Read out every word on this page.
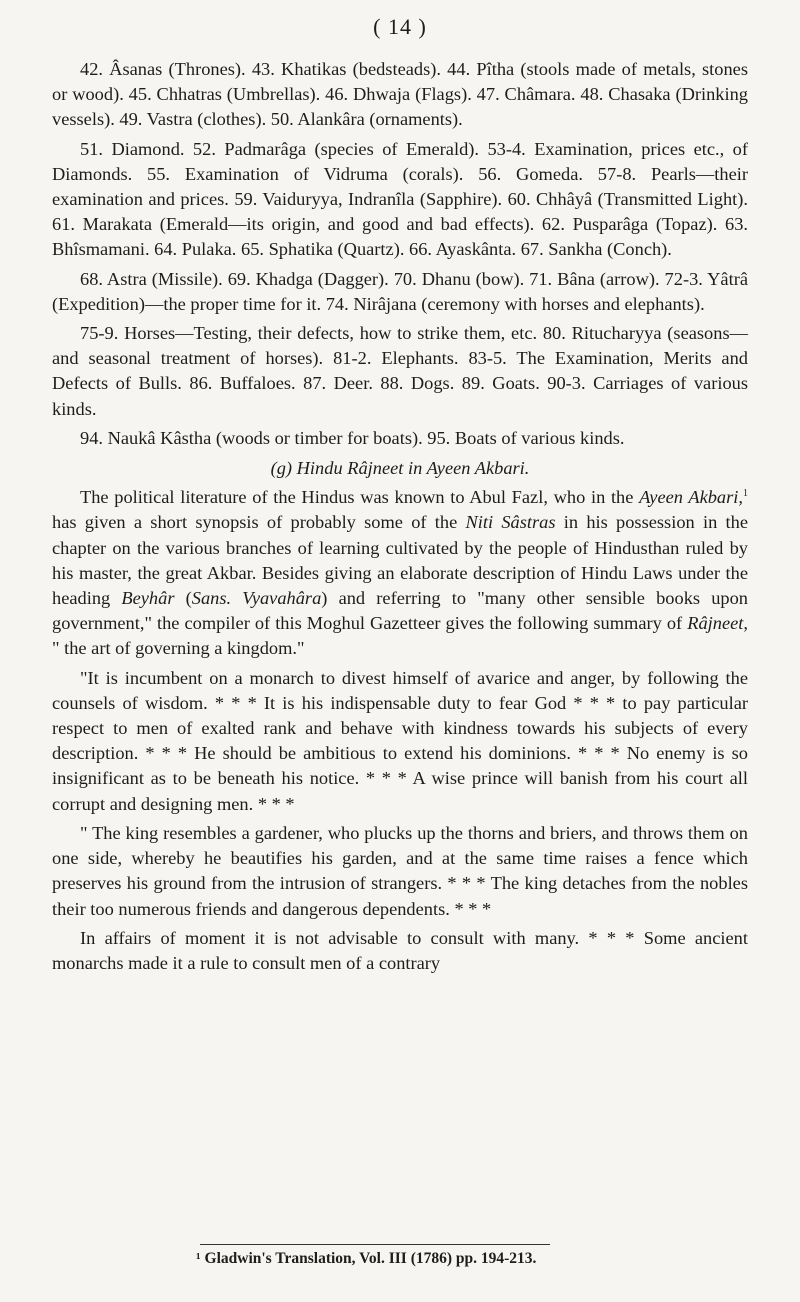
( 14 )

42. Âsanas (Thrones). 43. Khatikas (bedsteads). 44. Pîtha (stools made of metals, stones or wood). 45. Chhatras (Umbrellas). 46. Dhwaja (Flags). 47. Châmara. 48. Chasaka (Drinking vessels). 49. Vastra (clothes). 50. Alankâra (ornaments).

51. Diamond. 52. Padmarâga (species of Emerald). 53-4. Examination, prices etc., of Diamonds. 55. Examination of Vidruma (corals). 56. Gomeda. 57-8. Pearls—their examination and prices. 59. Vaiduryya, Indranîla (Sapphire). 60. Chhâyâ (Transmitted Light). 61. Marakata (Emerald—its origin, and good and bad effects). 62. Pusparâga (Topaz). 63. Bhîsmamani. 64. Pulaka. 65. Sphatika (Quartz). 66. Ayaskânta. 67. Sankha (Conch).

68. Astra (Missile). 69. Khadga (Dagger). 70. Dhanu (bow). 71. Bâna (arrow). 72-3. Yâtrâ (Expedition)—the proper time for it. 74. Nirâjana (ceremony with horses and elephants).

75-9. Horses—Testing, their defects, how to strike them, etc. 80. Ritucharyya (seasons—and seasonal treatment of horses). 81-2. Elephants. 83-5. The Examination, Merits and Defects of Bulls. 86. Buffaloes. 87. Deer. 88. Dogs. 89. Goats. 90-3. Carriages of various kinds.

94. Naukâ Kâstha (woods or timber for boats). 95. Boats of various kinds.

(g) Hindu Râjneet in Ayeen Akbari.

The political literature of the Hindus was known to Abul Fazl, who in the Ayeen Akbari,$^1$ has given a short synopsis of probably some of the Niti Sâstras in his possession in the chapter on the various branches of learning cultivated by the people of Hindusthan ruled by his master, the great Akbar. Besides giving an elaborate description of Hindu Laws under the heading Beyhâr (Sans. Vyavahâra) and referring to "many other sensible books upon government," the compiler of this Moghul Gazetteer gives the following summary of Râjneet, " the art of governing a kingdom."

"It is incumbent on a monarch to divest himself of avarice and anger, by following the counsels of wisdom. * * * It is his indispensable duty to fear God * * * to pay particular respect to men of exalted rank and behave with kindness towards his subjects of every description. * * * He should be ambitious to extend his dominions. * * * No enemy is so insignificant as to be beneath his notice. * * * A wise prince will banish from his court all corrupt and designing men. * * *

" The king resembles a gardener, who plucks up the thorns and briers, and throws them on one side, whereby he beautifies his garden, and at the same time raises a fence which preserves his ground from the intrusion of strangers. * * * The king detaches from the nobles their too numerous friends and dangerous dependents. * * *

In affairs of moment it is not advisable to consult with many. * * * Some ancient monarchs made it a rule to consult men of a contrary

¹ Gladwin's Translation, Vol. III (1786) pp. 194-213.
